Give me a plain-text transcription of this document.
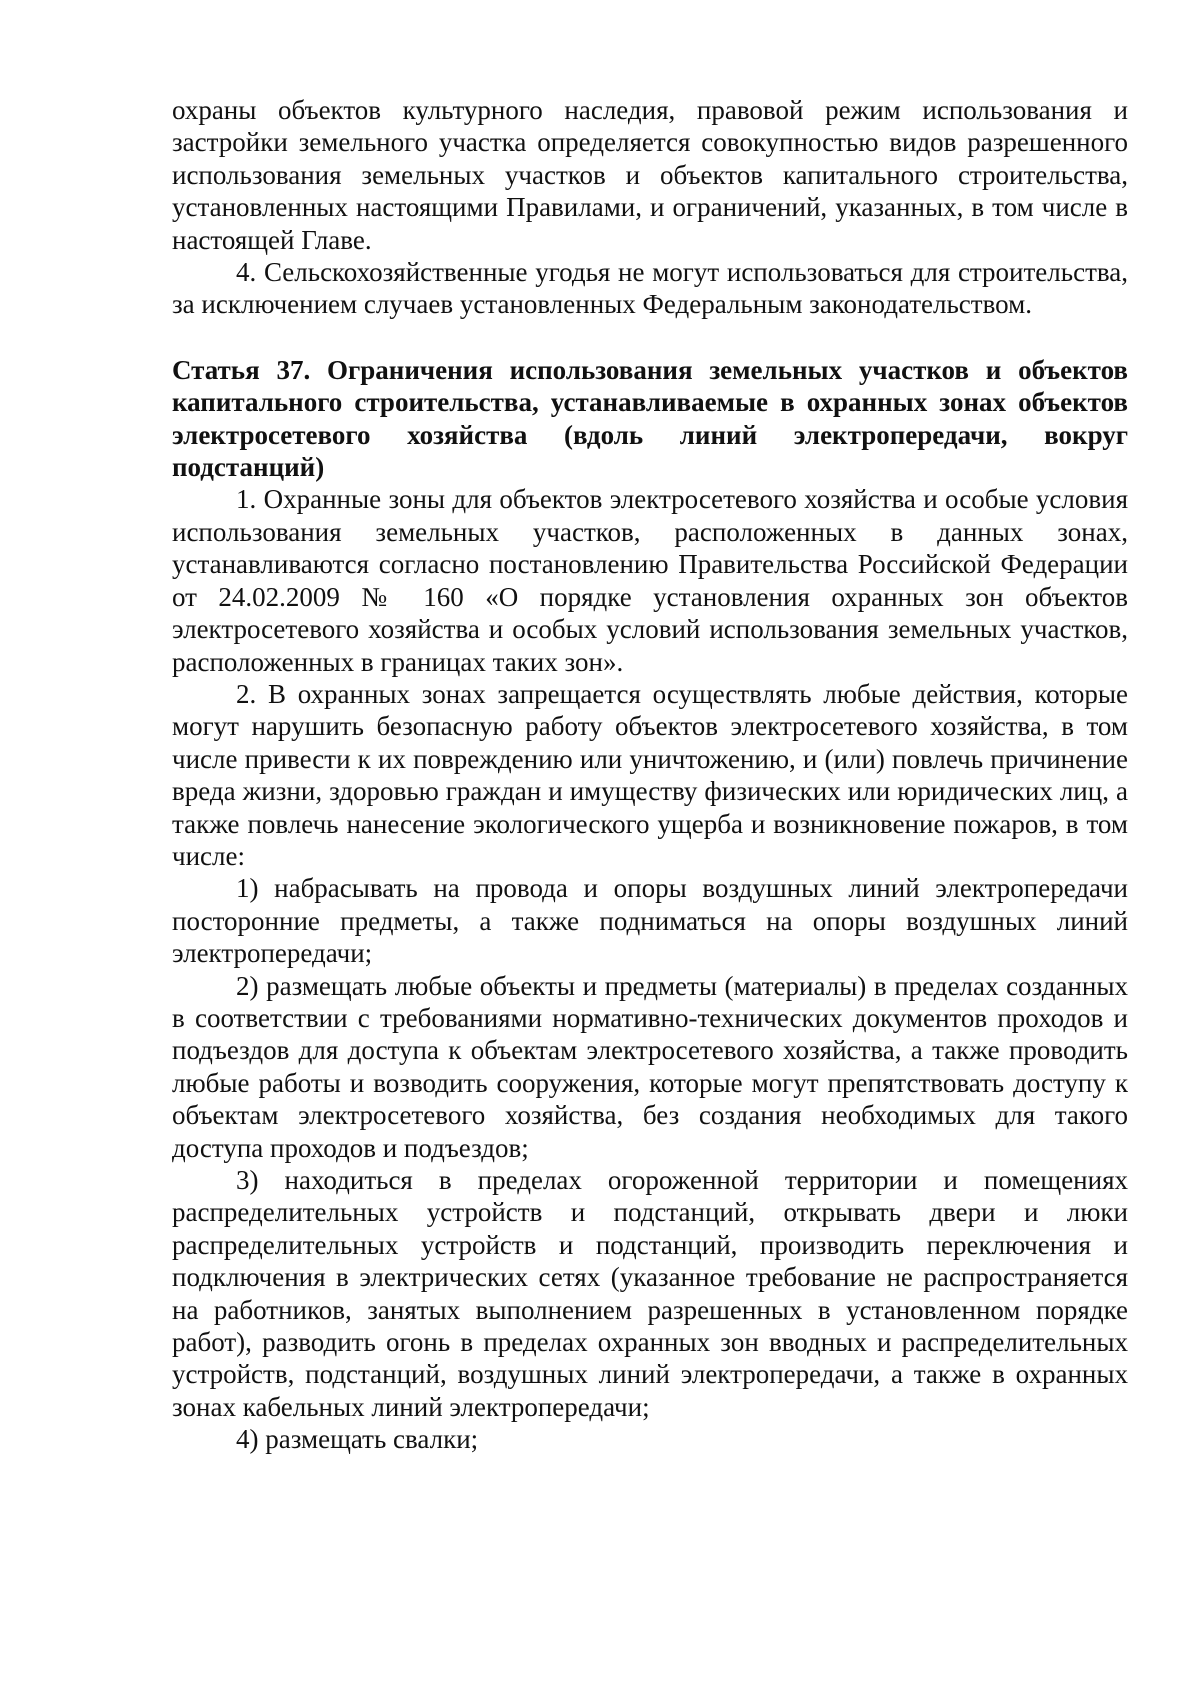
охраны объектов культурного наследия, правовой режим использования и застройки земельного участка определяется совокупностью видов разрешенного использования земельных участков и объектов капитального строительства, установленных настоящими Правилами, и ограничений, указанных, в том числе в настоящей Главе.

4. Сельскохозяйственные угодья не могут использоваться для строительства, за исключением случаев установленных Федеральным законодательством.

Статья 37. Ограничения использования земельных участков и объектов капитального строительства, устанавливаемые в охранных зонах объектов электросетевого хозяйства (вдоль линий электропередачи, вокруг подстанций)

1. Охранные зоны для объектов электросетевого хозяйства и особые условия использования земельных участков, расположенных в данных зонах, устанавливаются согласно постановлению Правительства Российской Федерации от 24.02.2009 № 160 «О порядке установления охранных зон объектов электросетевого хозяйства и особых условий использования земельных участков, расположенных в границах таких зон».

2. В охранных зонах запрещается осуществлять любые действия, которые могут нарушить безопасную работу объектов электросетевого хозяйства, в том числе привести к их повреждению или уничтожению, и (или) повлечь причинение вреда жизни, здоровью граждан и имуществу физических или юридических лиц, а также повлечь нанесение экологического ущерба и возникновение пожаров, в том числе:

1) набрасывать на провода и опоры воздушных линий электропередачи посторонние предметы, а также подниматься на опоры воздушных линий электропередачи;

2) размещать любые объекты и предметы (материалы) в пределах созданных в соответствии с требованиями нормативно-технических документов проходов и подъездов для доступа к объектам электросетевого хозяйства, а также проводить любые работы и возводить сооружения, которые могут препятствовать доступу к объектам электросетевого хозяйства, без создания необходимых для такого доступа проходов и подъездов;

3) находиться в пределах огороженной территории и помещениях распределительных устройств и подстанций, открывать двери и люки распределительных устройств и подстанций, производить переключения и подключения в электрических сетях (указанное требование не распространяется на работников, занятых выполнением разрешенных в установленном порядке работ), разводить огонь в пределах охранных зон вводных и распределительных устройств, подстанций, воздушных линий электропередачи, а также в охранных зонах кабельных линий электропередачи;

4) размещать свалки;
